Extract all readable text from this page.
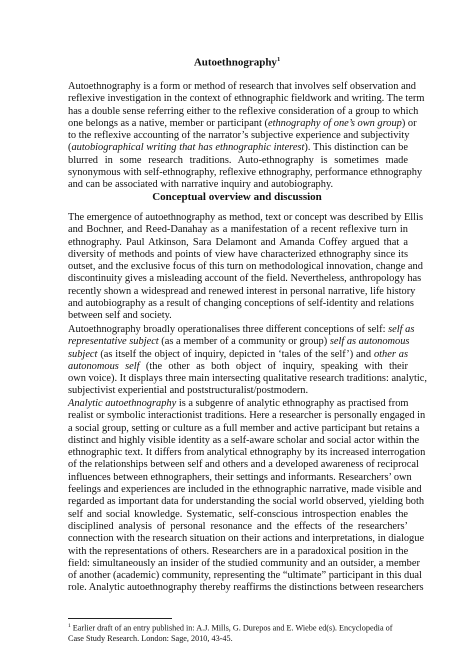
Autoethnography$^1$
Autoethnography is a form or method of research that involves self observation and
reflexive investigation in the context of ethnographic fieldwork and writing. The term
has a double sense referring either to the reflexive consideration of a group to which
one belongs as a native, member or participant (ethnography of one’s own group) or
to the reflexive accounting of the narrator’s subjective experience and subjectivity
(autobiographical writing that has ethnographic interest). This distinction can be
blurred in some research traditions. Auto-ethnography is sometimes made
synonymous with self-ethnography, reflexive ethnography, performance ethnography
and can be associated with narrative inquiry and autobiography.
Conceptual overview and discussion
The emergence of autoethnography as method, text or concept was described by Ellis
and Bochner, and Reed-Danahay as a manifestation of a recent reflexive turn in
ethnography. Paul Atkinson, Sara Delamont and Amanda Coffey argued that a
diversity of methods and points of view have characterized ethnography since its
outset, and the exclusive focus of this turn on methodological innovation, change and
discontinuity gives a misleading account of the field. Nevertheless, anthropology has
recently shown a widespread and renewed interest in personal narrative, life history
and autobiography as a result of changing conceptions of self-identity and relations
between self and society.
Autoethnography broadly operationalises three different conceptions of self: self as
representative subject (as a member of a community or group) self as autonomous
subject (as itself the object of inquiry, depicted in ‘tales of the self’) and other as
autonomous self (the other as both object of inquiry, speaking with their
own voice). It displays three main intersecting qualitative research traditions: analytic,
subjectivist experiential and poststructuralist/postmodern.
Analytic autoethnography is a subgenre of analytic ethnography as practised from
realist or symbolic interactionist traditions. Here a researcher is personally engaged in
a social group, setting or culture as a full member and active participant but retains a
distinct and highly visible identity as a self-aware scholar and social actor within the
ethnographic text. It differs from analytical ethnography by its increased interrogation
of the relationships between self and others and a developed awareness of reciprocal
influences between ethnographers, their settings and informants. Researchers’ own
feelings and experiences are included in the ethnographic narrative, made visible and
regarded as important data for understanding the social world observed, yielding both
self and social knowledge. Systematic, self-conscious introspection enables the
disciplined analysis of personal resonance and the effects of the researchers’
connection with the research situation on their actions and interpretations, in dialogue
with the representations of others. Researchers are in a paradoxical position in the
field: simultaneously an insider of the studied community and an outsider, a member
of another (academic) community, representing the “ultimate” participant in this dual
role. Analytic autoethnography thereby reaffirms the distinctions between researchers
$^1$ Earlier draft of an entry published in: A.J. Mills, G. Durepos and E. Wiebe ed(s). Encyclopedia of
Case Study Research. London: Sage, 2010, 43-45.
